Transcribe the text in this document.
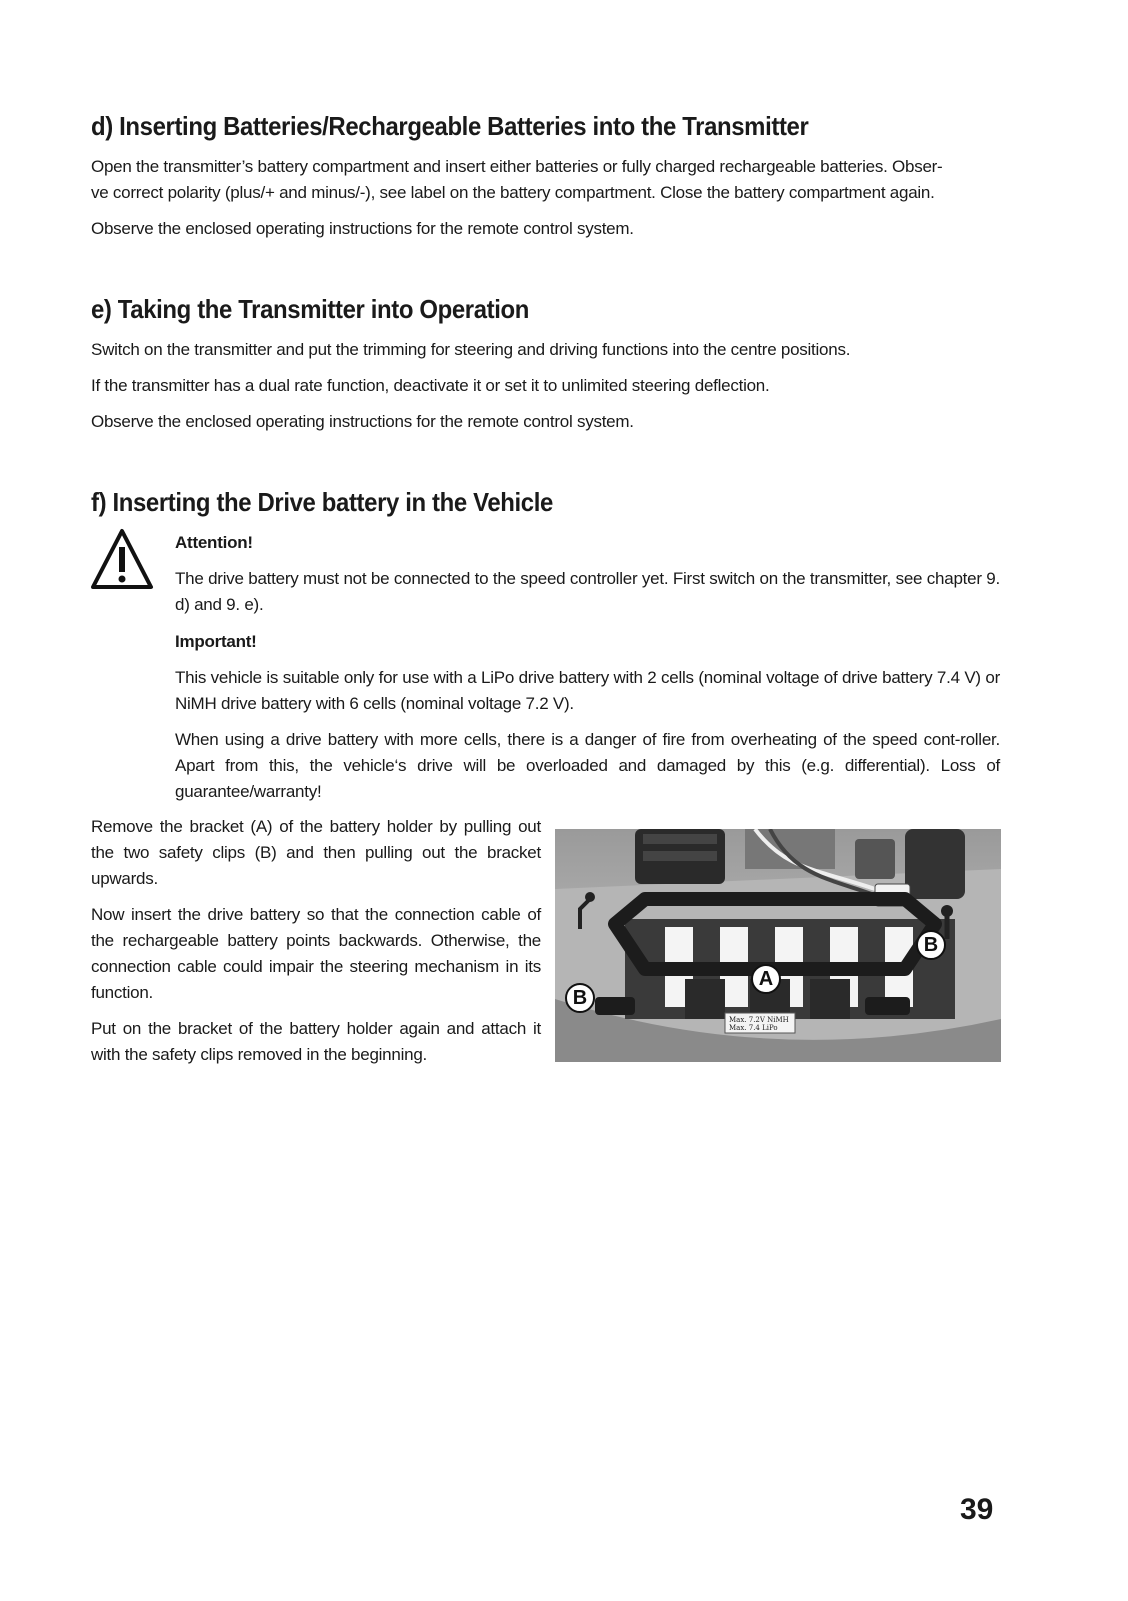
d) Inserting Batteries/Rechargeable Batteries into the Transmitter

Open the transmitter’s battery compartment and insert either batteries or fully charged rechargeable batteries. Obser-
ve correct polarity (plus/+ and minus/-), see label on the battery compartment. Close the battery compartment again.

Observe the enclosed operating instructions for the remote control system.

e) Taking the Transmitter into Operation

Switch on the transmitter and put the trimming for steering and driving functions into the centre positions.

If the transmitter has a dual rate function, deactivate it or set it to unlimited steering deflection.

Observe the enclosed operating instructions for the remote control system.

f) Inserting the Drive battery in the Vehicle

Attention!

The drive battery must not be connected to the speed controller yet. First switch on the transmitter, see chapter 9. d) and 9. e).

Important!

This vehicle is suitable only for use with a LiPo drive battery with 2 cells (nominal voltage of drive battery 7.4 V) or NiMH drive battery with 6 cells (nominal voltage 7.2 V).

When using a drive battery with more cells, there is a danger of fire from overheating of the speed cont-roller. Apart from this, the vehicle‘s drive will be overloaded and damaged by this (e.g. differential). Loss of guarantee/warranty!

Remove the bracket (A) of the battery holder by pulling out the two safety clips (B) and then pulling out the bracket upwards.

Now insert the drive battery so that the connection cable of the rechargeable battery points backwards. Otherwise, the connection cable could impair the steering mechanism in its function.

Put on the bracket of the battery holder again and attach it with the safety clips removed in the beginning.

Max. 7.2V NiMH
Max. 7.4 LiPo
A
B
B
39
